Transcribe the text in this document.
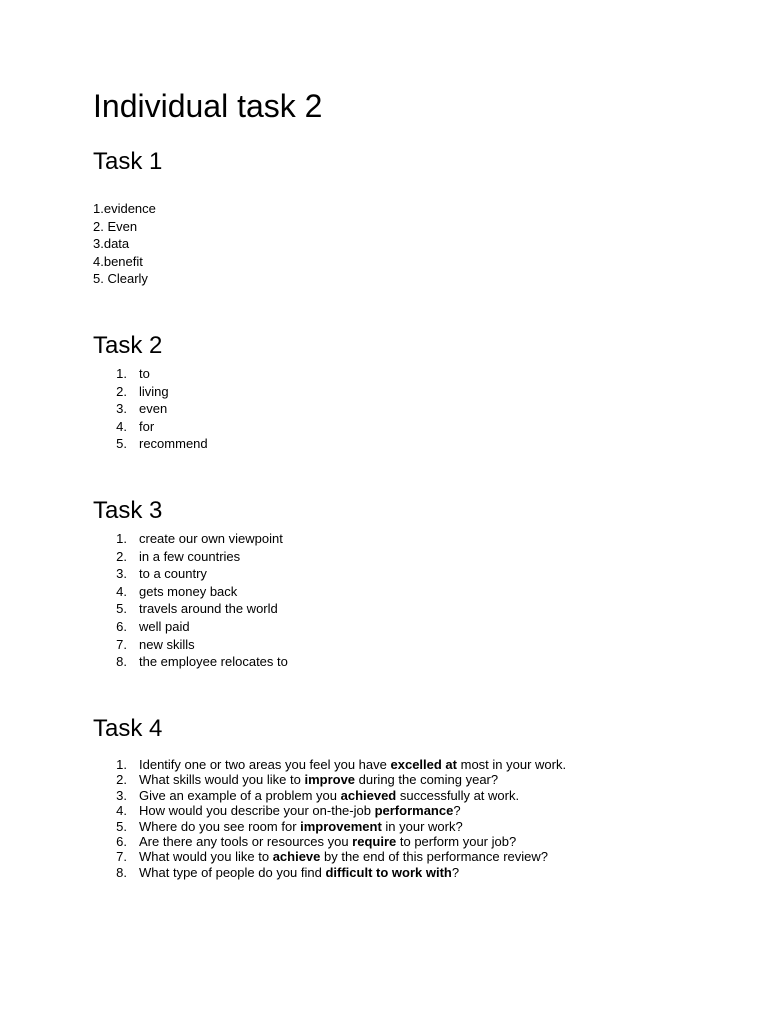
Individual task 2
Task 1
1.evidence
2. Even
3.data
4.benefit
5. Clearly
Task 2
1. to
2. living
3. even
4. for
5. recommend
Task 3
1. create our own viewpoint
2. in a few countries
3. to a country
4. gets money back
5. travels around the world
6. well paid
7. new skills
8. the employee relocates to
Task 4
1. Identify one or two areas you feel you have excelled at most in your work.
2. What skills would you like to improve during the coming year?
3. Give an example of a problem you achieved successfully at work.
4. How would you describe your on-the-job performance?
5. Where do you see room for improvement in your work?
6. Are there any tools or resources you require to perform your job?
7. What would you like to achieve by the end of this performance review?
8. What type of people do you find difficult to work with?
